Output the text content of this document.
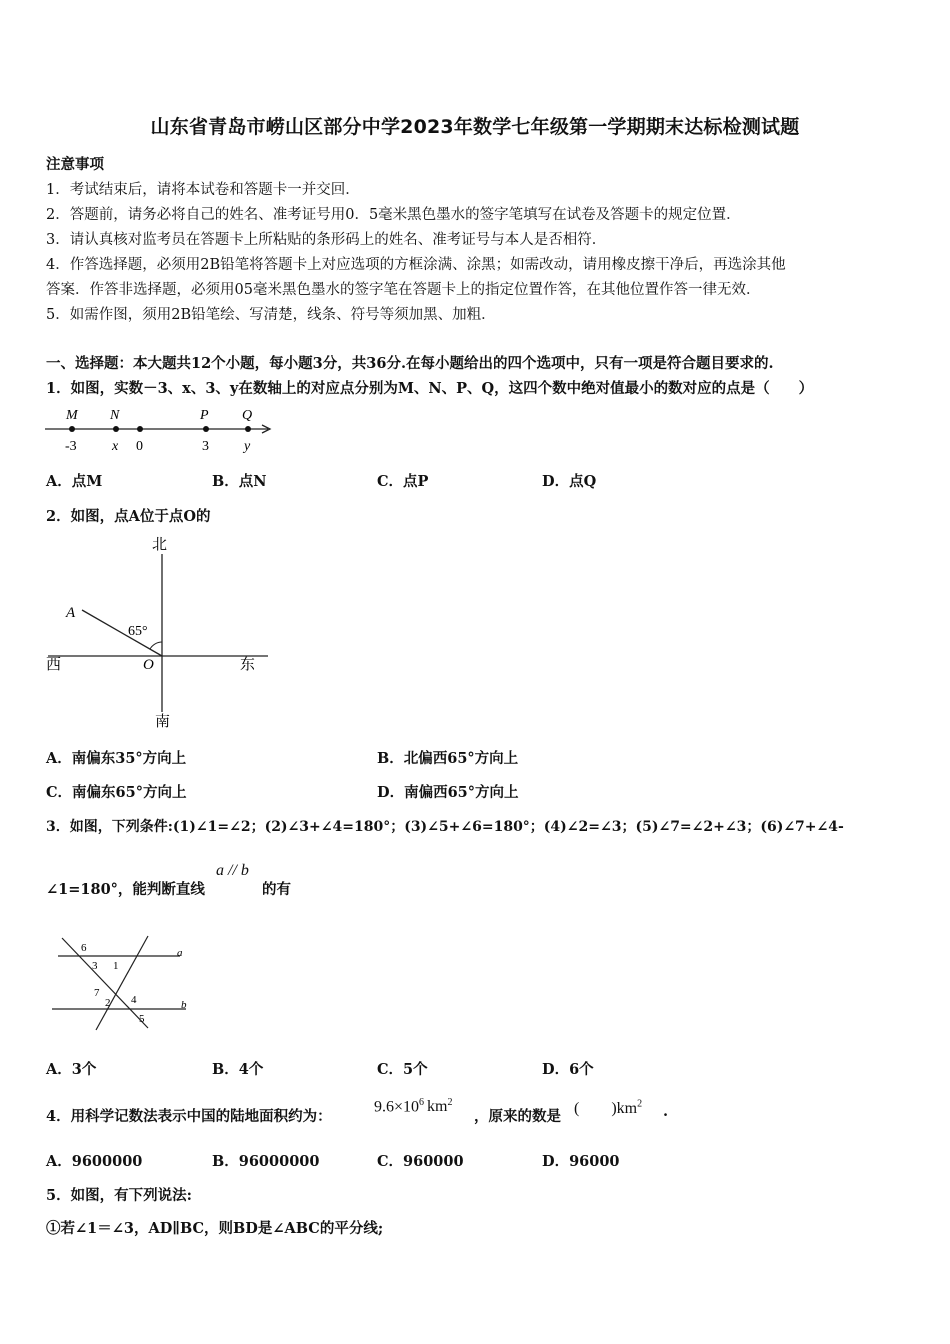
山东省青岛市崂山区部分中学2023年数学七年级第一学期期末达标检测试题
注意事项
1．考试结束后，请将本试卷和答题卡一并交回．
2．答题前，请务必将自己的姓名、准考证号用0．5毫米黑色墨水的签字笔填写在试卷及答题卡的规定位置．
3．请认真核对监考员在答题卡上所粘贴的条形码上的姓名、准考证号与本人是否相符．
4．作答选择题，必须用2B铅笔将答题卡上对应选项的方框涂满、涂黑；如需改动，请用橡皮擦干净后，再选涂其他
答案．作答非选择题，必须用05毫米黑色墨水的签字笔在答题卡上的指定位置作答，在其他位置作答一律无效．
5．如需作图，须用2B铅笔绘、写清楚，线条、符号等须加黑、加粗．
一、选择题：本大题共12个小题，每小题3分，共36分.在每小题给出的四个选项中，只有一项是符合题目要求的.
1．如图，实数－3、x、3、y在数轴上的对应点分别为M、N、P、Q，这四个数中绝对值最小的数对应的点是（　　）
M N	P Q
-3	x 0	3	y
A．点M	B．点N	C．点P	D．点Q
2．如图，点A位于点O的
北
南
西	东
A
O
65°
A．南偏东35°方向上	B．北偏西65°方向上
C．南偏东65°方向上	D．南偏西65°方向上
3．如图，下列条件:(1)∠1=∠2；(2)∠3+∠4=180°；(3)∠5+∠6=180°；(4)∠2=∠3；(5)∠7=∠2+∠3；(6)∠7+∠4-
∠1=180°，能判断直线
a // b
的有
6
3 1
7
2 4
5
a
b
A．3个	B．4个	C．5个	D．6个
4．用科学记数法表示中国的陆地面积约为：
$9.6\times 10^6$ $km^2$
，原来的数是 (　　)$km^2$ .
A．9600000	B．96000000	C．960000	D．96000
5．如图，有下列说法:
①若∠1＝∠3，AD∥BC，则BD是∠ABC的平分线;
